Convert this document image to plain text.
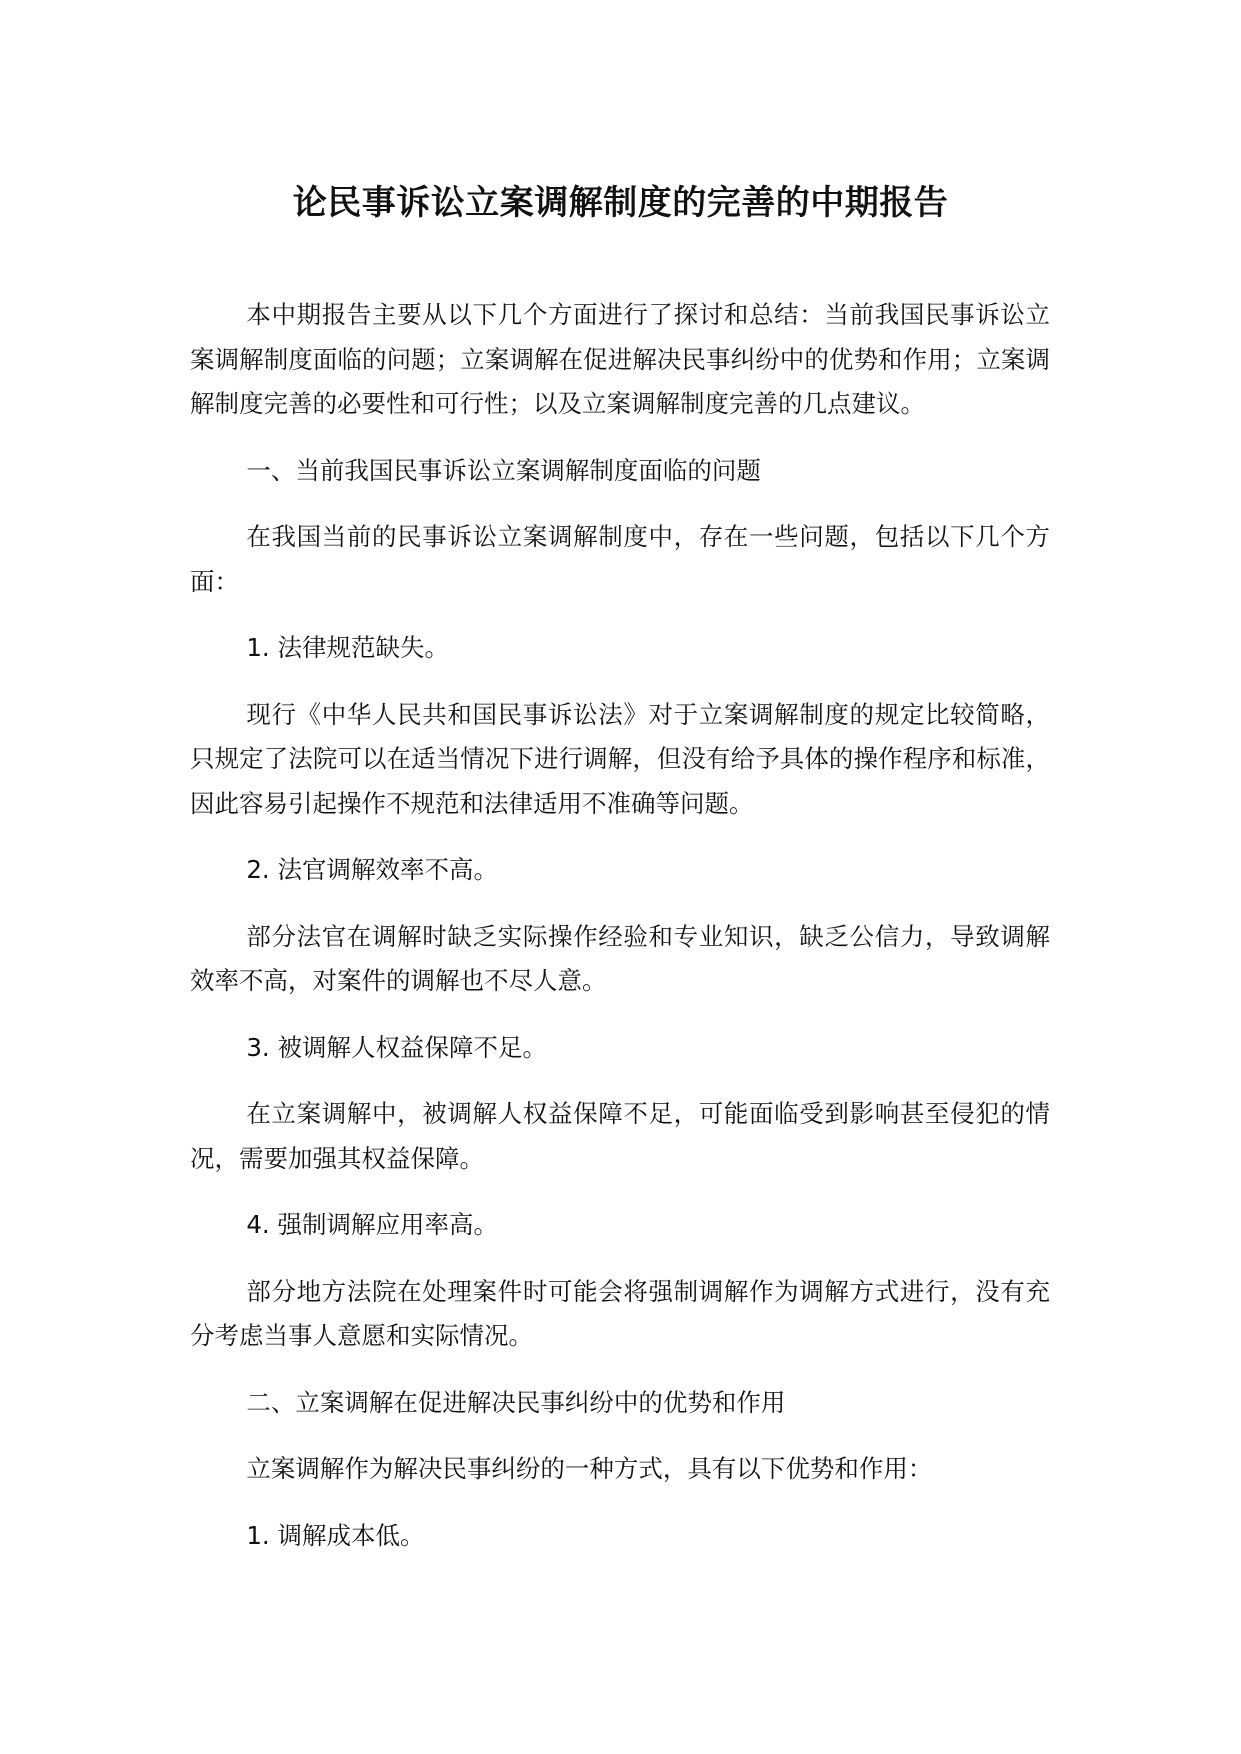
论民事诉讼立案调解制度的完善的中期报告

本中期报告主要从以下几个方面进行了探讨和总结：当前我国民事诉讼立案调解制度面临的问题；立案调解在促进解决民事纠纷中的优势和作用；立案调解制度完善的必要性和可行性；以及立案调解制度完善的几点建议。

一、当前我国民事诉讼立案调解制度面临的问题

在我国当前的民事诉讼立案调解制度中，存在一些问题，包括以下几个方面：

1. 法律规范缺失。

现行《中华人民共和国民事诉讼法》对于立案调解制度的规定比较简略，只规定了法院可以在适当情况下进行调解，但没有给予具体的操作程序和标准，因此容易引起操作不规范和法律适用不准确等问题。

2. 法官调解效率不高。

部分法官在调解时缺乏实际操作经验和专业知识，缺乏公信力，导致调解效率不高，对案件的调解也不尽人意。

3. 被调解人权益保障不足。

在立案调解中，被调解人权益保障不足，可能面临受到影响甚至侵犯的情况，需要加强其权益保障。

4. 强制调解应用率高。

部分地方法院在处理案件时可能会将强制调解作为调解方式进行，没有充分考虑当事人意愿和实际情况。

二、立案调解在促进解决民事纠纷中的优势和作用

立案调解作为解决民事纠纷的一种方式，具有以下优势和作用：

1. 调解成本低。
